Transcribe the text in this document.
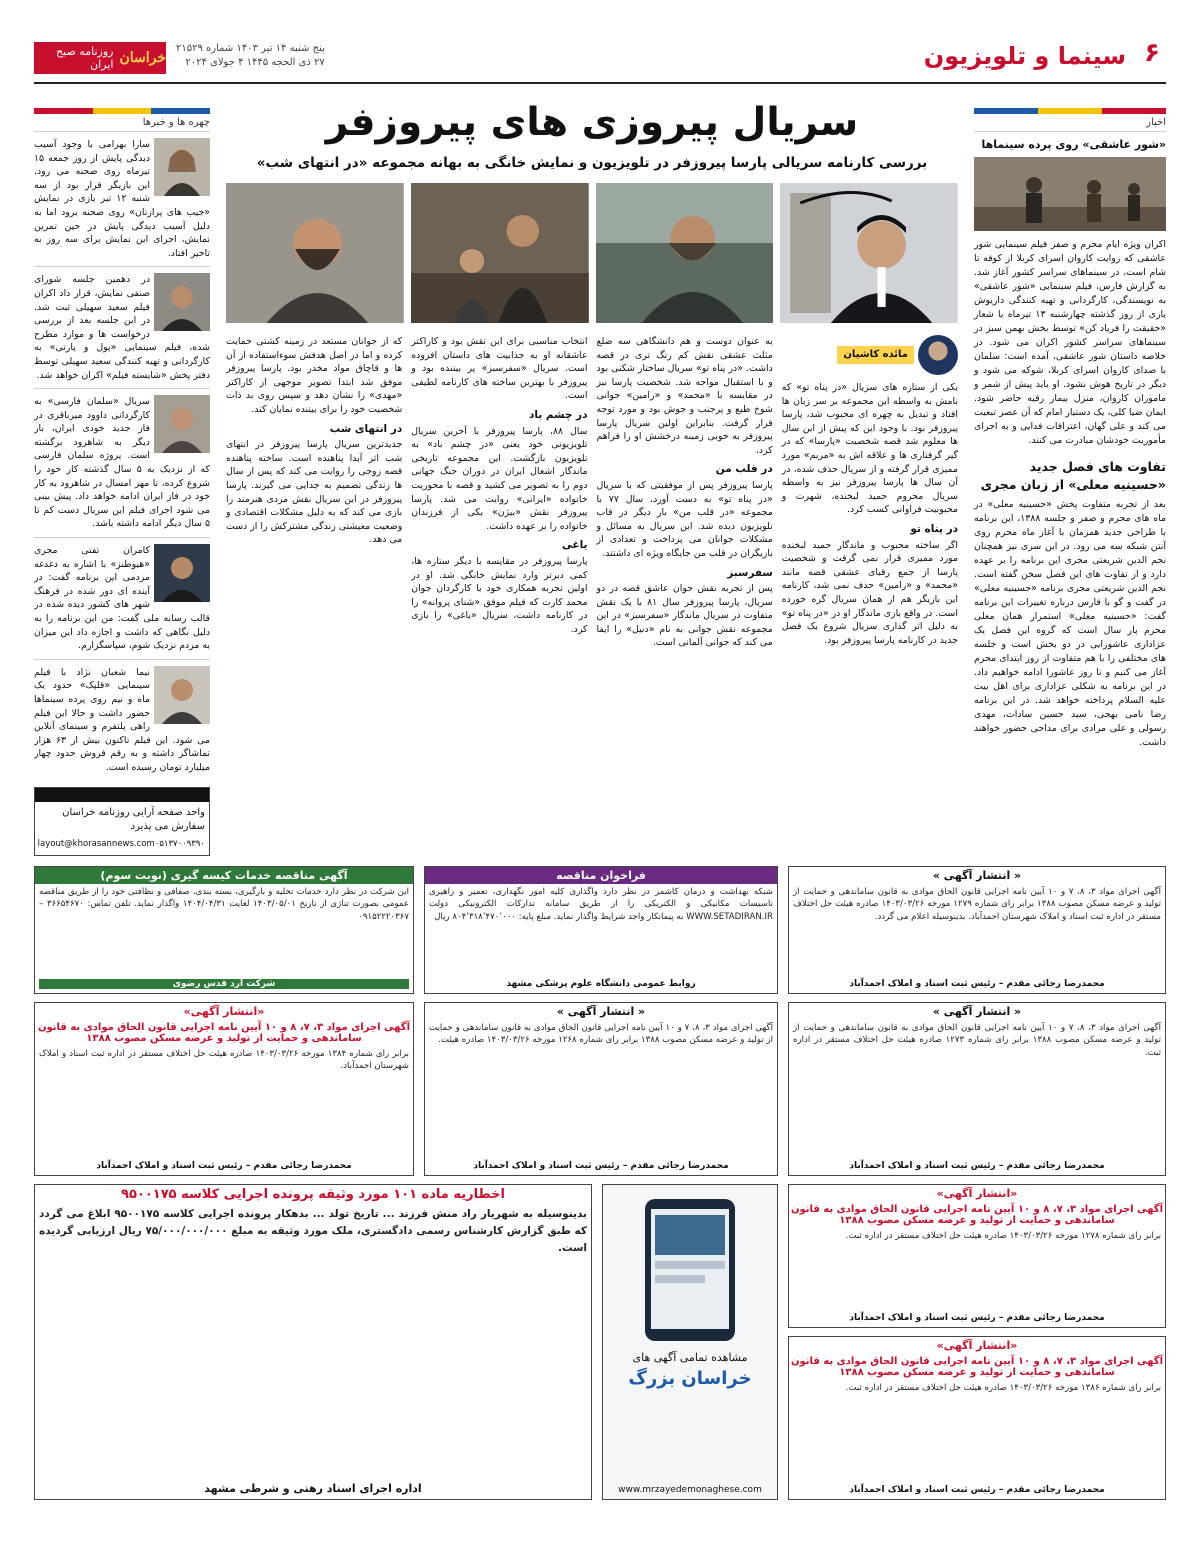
۶
سینما و تلویزیون
پنج شنبه ۱۴ تیر ۱۴۰۳ شماره ۲۱۵۲۹
۲۷ ذی الحجه ۱۴۴۵ ۴ جولای ۲۰۲۴
خراسان
روزنامه صبح ایران
اخبار
«شور عاشقی» روی پرده سینماها
اکران ویژه ایام محرم و صفر فیلم سینمایی شور عاشقی که روایت کاروان اسرای کربلا از کوفه تا شام است، در سینماهای سراسر کشور آغاز شد. به گزارش فارس، فیلم سینمایی «شور عاشقی» به نویسندگی، کارگردانی و تهیه کنندگی داریوش یاری از روز گذشته چهارشنبه ۱۳ تیرماه با شعار «حقیقت را فریاد کن» توسط بخش بهمن سبز در سینماهای سراسر کشور اکران می شود. در خلاصه داستان شور عاشقی، آمده است: سلمان با صدای کاروان اسرای کربلا، شوکه می شود و دیگر در تاریخ هوش نشود. او باید پیش از شمر و ماموران کاروان، منزل بیمار رقیه حاضر شود. ایمان ضیا کلی، یک دستیار امام که آن عصر تبعیت می کند و علی گهان، اعترافات فدایی و به اجرای مأموریت خودشان مبادرت می کنند.
تفاوت های فصل جدید «حسینیه معلی» از زبان مجری
بعد از تجربه متفاوت پخش «حسینیه معلی» در ماه های محرم و صفر و جلسه ۱۳۸۸، این برنامه با طراحی جدید همزمان با آغاز ماه محرم روی آنتن شبکه سه می رود. در این سری نیز همچنان نجم الدین شریعتی مجری این برنامه را بر عهده دارد و از تفاوت های این فصل سخن گفته است. نجم الدین شریعتی مجری برنامه «حسینیه معلی» در گفت و گو با فارس درباره تغییرات این برنامه گفت: «حسینیه معلی» استمرار همان معلی محرم پار سال است که گروه این فصل یک عزاداری عاشورایی در دو بخش است و جلسه های مختلفی را با هم متفاوت از روز ابتدای محرم آغاز می کنیم و تا روز عاشورا ادامه خواهیم داد. در این برنامه به شکلی عزاداری برای اهل بیت علیه السلام پرداخته خواهد شد. در این برنامه رضا نامی بهجی، سید حسین سادات، مهدی رسولی و علی مرادی برای مداحی حضور خواهند داشت.
چهره ها و خبرها
سارا بهرامی با وجود آسیب دیدگی پایش از روز جمعه ۱۵ تیرماه روی صحنه می رود. این بازیگر قرار بود از سه شنبه ۱۲ تیر بازی در نمایش «جیب های پرازنان» روی صحنه برود اما به دلیل آسیب دیدگی پایش در حین تمرین نمایش، اجرای این نمایش برای سه روز به تاخیر افتاد.
در دهمین جلسه شورای صنفی نمایش، قرار داد اکران فیلم سعید سهیلی ثبت شد. در این جلسه بعد از بررسی درخواست ها و موارد مطرح شده، فیلم سینمایی «پول و پارتی» به کارگردانی و تهیه کنندگی سعید سهیلی توسط دفتر پخش «شایسته فیلم» اکران خواهد شد.
سریال «سلمان فارسی» به کارگردانی داوود میرباقری در فاز جدید خودی ایران، بار دیگر به شاهرود برگشته است. پروژه سلمان فارسی که از نزدیک به ۵ سال گذشته کار خود را شروع کرده، تا مهر امسال در شاهرود به کار خود در فاز ایران ادامه خواهد داد. پیش بینی می شود اجرای فیلم این سریال دست کم تا ۵ سال دیگر ادامه داشته باشد.
کامران تفتی مجری «هیوطنز» با اشاره به دغدغه مردمی این برنامه گفت: در آینده ای دور شده در فرهنگ شهر های کشور دیده شده در قالب رسانه ملی گفت: من این برنامه را به دلیل نگاهی که داشت و اجازه داد این میزان به مردم نزدیک شوم، سپاسگزارم.
نیما شعبان نژاد با فیلم سینمایی «قلپک» حدود یک ماه و نیم روی پرده سینماها حضور داشت و حالا این فیلم راهی پلتفرم و سینمای آنلاین می شود. این فیلم تاکنون بیش از ۶۳ هزار تماشاگر داشته و به رقم فروش حدود چهار میلیارد تومان رسیده است.
واحد صفحه آرایی روزنامه خراسان سفارش می پذیرد
۰۵۱۳۷۰۰۹۳۹۰
layout@khorasannews.com
سریال پیروزی های پیروزفر
بررسی کارنامه سریالی پارسا پیروزفر در تلویزیون و نمایش خانگی به بهانه مجموعه «در انتهای شب»
مائده کاشیان
یکی از ستاره های سریال «در پناه تو» که نامش به واسطه این مجموعه بر سر زبان ها افتاد و تبدیل به چهره ای محبوب شد، پارسا پیروزفر بود. با وجود این که پیش از این سال ها معلوم شد قصه شخصیت «پارسا» که در گیر گرفتاری ها و علاقه اش به «مریم» مورد ممیزی قرار گرفته و از سریال حذف شده، در آن سال ها پارسا پیروزفر نیز به واسطه سریال محروم حمید لبخنده، شهرت و محبوبیت فراوانی کسب کرد.
در پناه تو
اگر ساخته محبوب و ماندگار حمید لبخنده مورد ممیزی قرار نمی گرفت و شخصیت پارسا از جمع رقبای عشقی قصه مانند «محمد» و «رامین» حذف نمی شد، کارنامه این بازیگر هم از همان سریال گره خورده است. در واقع بازی ماندگار او در «در پناه تو» به دلیل اثر گذاری سریال شروع یک فصل جدید در کارنامه پارسا پیروزفر بود.
به عنوان دوست و هم دانشگاهی سه ضلع مثلث عشقی نقش کم رنگ تری در قصه داشت. «در پناه تو» سریال ساختار شکنی بود و با استقبال مواجه شد. شخصیت پارسا نیز در مقایسه با «محمد» و «رامین» جوانی شوخ طبع و پرجنب و جوش بود و مورد توجه قرار گرفت. بنابراین اولین سریال پارسا پیروزفر به خوبی زمینه درخشش او را فراهم کرد.
در قلب من
پارسا پیروزفر پس از موفقیتی که با سریال «در پناه تو» به دست آورد، سال ۷۷ با مجموعه «در قلب من» بار دیگر در قاب تلویزیون دیده شد. این سریال به مسائل و مشکلات جوانان می پرداخت و تعدادی از بازیگران در قلب من جایگاه ویژه ای داشتند.
سفرسبز
پس از تجربه نقش جوان عاشق قصه در دو سریال، پارسا پیروزفر سال ۸۱ با یک نقش متفاوت در سریال ماندگار «سفرسبز» در این مجموعه نقش جوانی به نام «دنیل» را ایفا می کند که جوانی آلمانی است.
انتخاب مناسبی برای این نقش بود و کاراکتر عاشقانه او به جذابیت های داستان افزوده است. سریال «سفرسبز» پر بیننده بود و پیروزفر با بهترین ساخته های کارنامه لطیفی است.
در چشم باد
سال ۸۸، پارسا پیروزفر با آخرین سریال تلویزیونی خود یعنی «در چشم باد» به تلویزیون بازگشت. این مجموعه تاریخی ماندگار اشغال ایران در دوران جنگ جهانی دوم را به تصویر می کشید و قصه با محوریت خانواده «ایرانی» روایت می شد. پارسا پیروزفر نقش «بیژن» یکی از فرزندان خانواده را بر عهده داشت.
یاغی
پارسا پیروزفر در مقایسه با دیگر ستاره ها، کمی دیرتر وارد نمایش خانگی شد. او در اولین تجربه همکاری خود با کارگردان جوان محمد کارت که فیلم موفق «شنای پروانه» را در کارنامه داشت، سریال «یاغی» را بازی کرد.
که از جوانان مستعد در زمینه کشتی حمایت کرده و اما در اصل هدفش سوءاستفاده از آن ها و قاچاق مواد مخدر بود. پارسا پیروزفر موفق شد ابتدا تصویر موجهی از کاراکتر «مهدی» را نشان دهد و سپس روی بد ذات شخصیت خود را برای بیننده نمایان کند.
در انتهای شب
جدیدترین سریال پارسا پیروزفر در انتهای شب اثر آیدا پناهنده است. ساخته پناهنده قصه زوجی را روایت می کند که پس از سال ها زندگی تصمیم به جدایی می گیرند. پارسا پیروزفر در این سریال نقش مردی هنرمند را بازی می کند که به دلیل مشکلات اقتصادی و وضعیت معیشتی زندگی مشترکش را از دست می دهد.
« انتشار آگهی »
آگهی اجرای مواد ۳، ۸، ۷ و ۱۰ آیین نامه اجرایی قانون الحاق موادی به قانون ساماندهی و حمایت از تولید و عرضه مسکن مصوب ۱۳۸۸ برابر رای شماره ۱۲۷۹ مورخه ۱۴۰۳/۰۳/۲۶ صادره هیئت حل اختلاف مستقر در اداره ثبت اسناد و املاک شهرستان احمدآباد. بدینوسیله اعلام می گردد.
محمدرضا رجائی مقدم – رئیس ثبت اسناد و املاک احمدآباد
فراخوان مناقصه
شبکه بهداشت و درمان کاشمر در نظر دارد واگذاری کلیه امور نگهداری، تعمیر و راهبری تاسیسات مکانیکی و الکتریکی را از طریق سامانه تدارکات الکترونیکی دولت WWW.SETADIRAN.IR به پیمانکار واجد شرایط واگذار نماید. مبلغ پایه: ۸۰۴٬۳۱۸٬۴۷۰٬۰۰۰ ریال
روابط عمومی دانشگاه علوم پزشکی مشهد
آگهی مناقصه خدمات کیسه گیری (نوبت سوم)
این شرکت در نظر دارد خدمات تخلیه و بارگیری، بسته بندی، صفافی و نظافتی خود را از طریق مناقصه عمومی بصورت تناژی از تاریخ ۱۴۰۳/۰۵/۰۱ لغایت ۱۴۰۴/۰۴/۳۱ واگذار نماید. تلفن تماس: ۳۶۶۵۴۶۷۰ – ۰۹۱۵۲۲۲۰۳۶۷
شرکت آرد قدس رضوی
« انتشار آگهی »
آگهی اجرای مواد ۳، ۸، ۷ و ۱۰ آیین نامه اجرایی قانون الحاق موادی به قانون ساماندهی و حمایت از تولید و عرضه مسکن مصوب ۱۳۸۸ برابر رای شماره ۱۲۷۳ صادره هیئت حل اختلاف مستقر در اداره ثبت.
محمدرضا رجائی مقدم – رئیس ثبت اسناد و املاک احمدآباد
« انتشار آگهی »
آگهی اجرای مواد ۳، ۸، ۷ و ۱۰ آیین نامه اجرایی قانون الحاق موادی به قانون ساماندهی و حمایت از تولید و عرضه مسکن مصوب ۱۳۸۸ برابر رای شماره ۱۲۶۸ مورخه ۱۴۰۳/۰۳/۲۶ صادره هیئت.
محمدرضا رجائی مقدم – رئیس ثبت اسناد و املاک احمدآباد
«انتشار آگهی»
آگهی اجرای مواد ۳، ۷، ۸ و ۱۰ آیین نامه اجرایی قانون الحاق موادی به قانون ساماندهی و حمایت از تولید و عرضه مسکن مصوب ۱۳۸۸
برابر رای شماره ۱۳۸۴ مورخه ۱۴۰۳/۰۳/۲۶ صادره هیئت حل اختلاف مستقر در اداره ثبت اسناد و املاک شهرستان احمدآباد.
محمدرضا رجائی مقدم – رئیس ثبت اسناد و املاک احمدآباد
«انتشار آگهی»
آگهی اجرای مواد ۳، ۷، ۸ و ۱۰ آیین نامه اجرایی قانون الحاق موادی به قانون ساماندهی و حمایت از تولید و عرضه مسکن مصوب ۱۳۸۸
برابر رای شماره ۱۲۷۸ مورخه ۱۴۰۳/۰۳/۲۶ صادره هیئت حل اختلاف مستقر در اداره ثبت.
محمدرضا رجائی مقدم – رئیس ثبت اسناد و املاک احمدآباد
«انتشار آگهی»
آگهی اجرای مواد ۳، ۷، ۸ و ۱۰ آیین نامه اجرایی قانون الحاق موادی به قانون ساماندهی و حمایت از تولید و عرضه مسکن مصوب ۱۳۸۸
برابر رای شماره ۱۳۸۶ مورخه ۱۴۰۳/۰۳/۲۶ صادره هیئت حل اختلاف مستقر در اداره ثبت.
محمدرضا رجائی مقدم – رئیس ثبت اسناد و املاک احمدآباد
مشاهده تمامی آگهی های
خراسان بزرگ
www.mrzayedemonaghese.com
اخطاریه ماده ۱۰۱ مورد وثیقه پرونده اجرایی کلاسه ۹۵۰۰۱۷۵
بدینوسیله به شهریار راد منش فرزند ... تاریخ تولد ... بدهکار پرونده اجرایی کلاسه ۹۵۰۰۱۷۵ ابلاغ می گردد که طبق گزارش کارشناس رسمی دادگستری، ملک مورد وثیقه به مبلغ ۷۵/۰۰۰/۰۰۰/۰۰۰ ریال ارزیابی گردیده است.
اداره اجرای اسناد رهنی و شرطی مشهد
